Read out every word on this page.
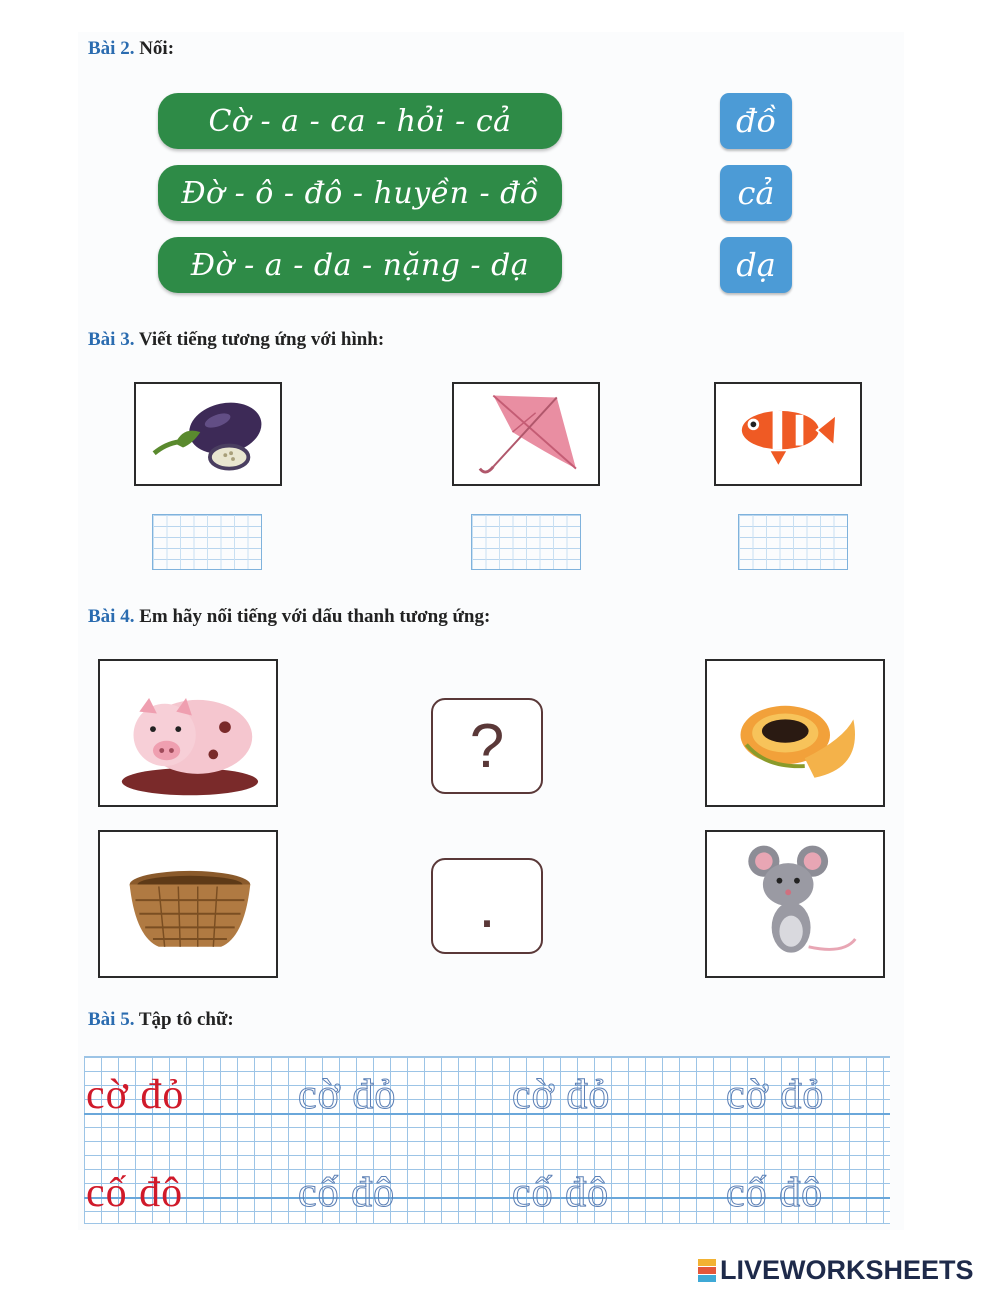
Bài 2. Nối:
Cờ - a - ca - hỏi - cả
Đờ - ô - đô - huyền - đồ
Đờ - a - da - nặng - dạ
đồ
cả
dạ
Bài 3. Viết tiếng tương ứng với hình:
Bài 4. Em hãy nối tiếng với dấu thanh tương ứng:
?
.
Bài 5. Tập tô chữ:
cờ đỏ	cờ đỏ	cờ đỏ	cờ đỏ
cố đô	cố đô	cố đô	cố đô
LIVEWORKSHEETS
